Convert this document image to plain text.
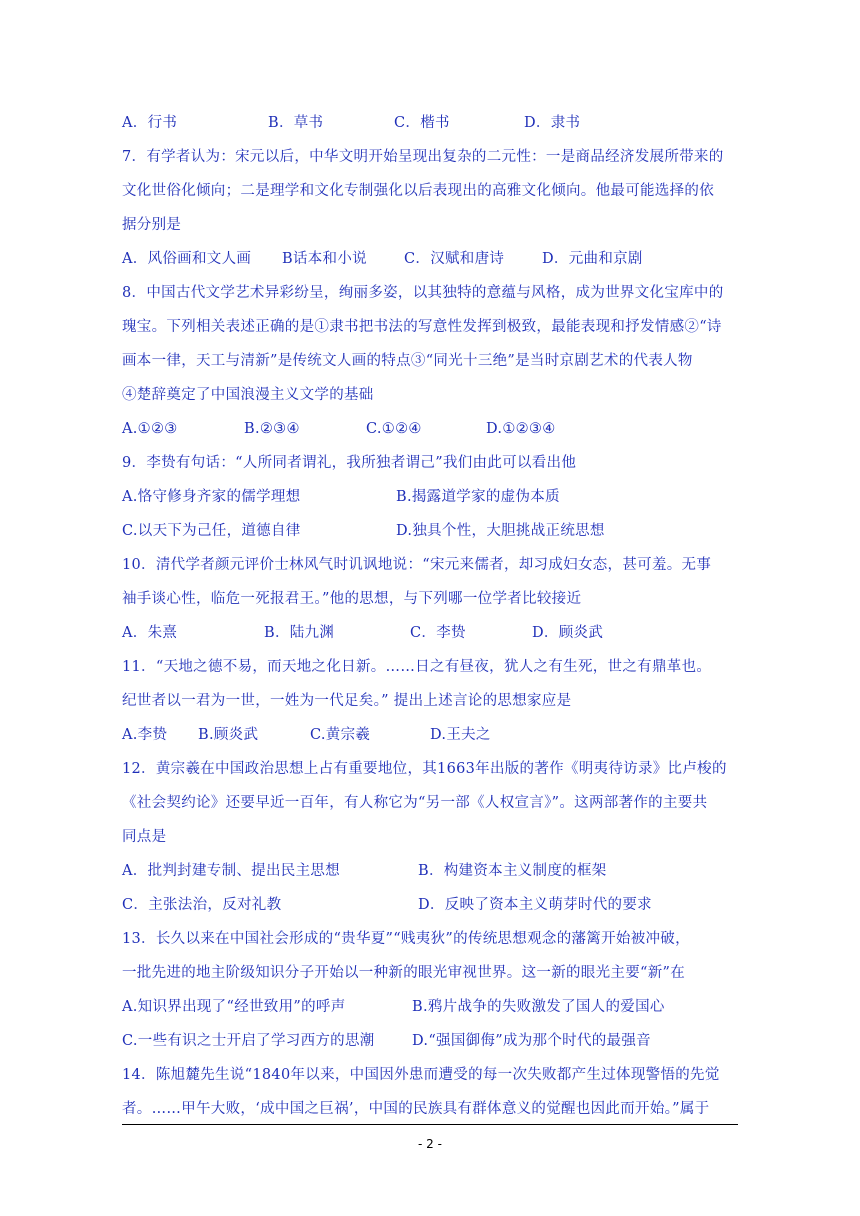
A．行书	B．草书	C．楷书	D．隶书
7．有学者认为：宋元以后，中华文明开始呈现出复杂的二元性：一是商品经济发展所带来的
文化世俗化倾向；二是理学和文化专制强化以后表现出的高雅文化倾向。他最可能选择的依
据分别是
A．风俗画和文人画 B话本和小说	C．汉赋和唐诗	D．元曲和京剧
8．中国古代文学艺术异彩纷呈，绚丽多姿，以其独特的意蕴与风格，成为世界文化宝库中的
瑰宝。下列相关表述正确的是①隶书把书法的写意性发挥到极致，最能表现和抒发情感②“诗
画本一律，天工与清新”是传统文人画的特点③“同光十三绝”是当时京剧艺术的代表人物
④楚辞奠定了中国浪漫主义文学的基础
A.①②③	B.②③④	C.①②④	D.①②③④
9．李贽有句话：“人所同者谓礼，我所独者谓己”我们由此可以看出他
A.恪守修身齐家的儒学理想	B.揭露道学家的虚伪本质
C.以天下为己任，道德自律	D.独具个性，大胆挑战正统思想
10．清代学者颜元评价士林风气时讥讽地说：“宋元来儒者，却习成妇女态，甚可羞。无事
袖手谈心性，临危一死报君王。”他的思想，与下列哪一位学者比较接近
A．朱熹	B．陆九渊	C．李贽	D．顾炎武
11．“天地之德不易，而天地之化日新。……日之有昼夜，犹人之有生死，世之有鼎革也。
纪世者以一君为一世，一姓为一代足矣。” 提出上述言论的思想家应是
A.李贽 B.顾炎武	C.黄宗羲	D.王夫之
12．黄宗羲在中国政治思想上占有重要地位，其1663年出版的著作《明夷待访录》比卢梭的
《社会契约论》还要早近一百年，有人称它为“另一部《人权宣言》”。这两部著作的主要共
同点是
A．批判封建专制、提出民主思想	B．构建资本主义制度的框架
C．主张法治，反对礼教	D．反映了资本主义萌芽时代的要求
13．长久以来在中国社会形成的“贵华夏”“贱夷狄”的传统思想观念的藩篱开始被冲破，
一批先进的地主阶级知识分子开始以一种新的眼光审视世界。这一新的眼光主要“新”在
A.知识界出现了“经世致用”的呼声	B.鸦片战争的失败激发了国人的爱国心
C.一些有识之士开启了学习西方的思潮	D.“强国御侮”成为那个时代的最强音
14．陈旭麓先生说“1840年以来，中国因外患而遭受的每一次失败都产生过体现警悟的先觉
者。……甲午大败，‘成中国之巨祸’，中国的民族具有群体意义的觉醒也因此而开始。”属于
- 2 -
